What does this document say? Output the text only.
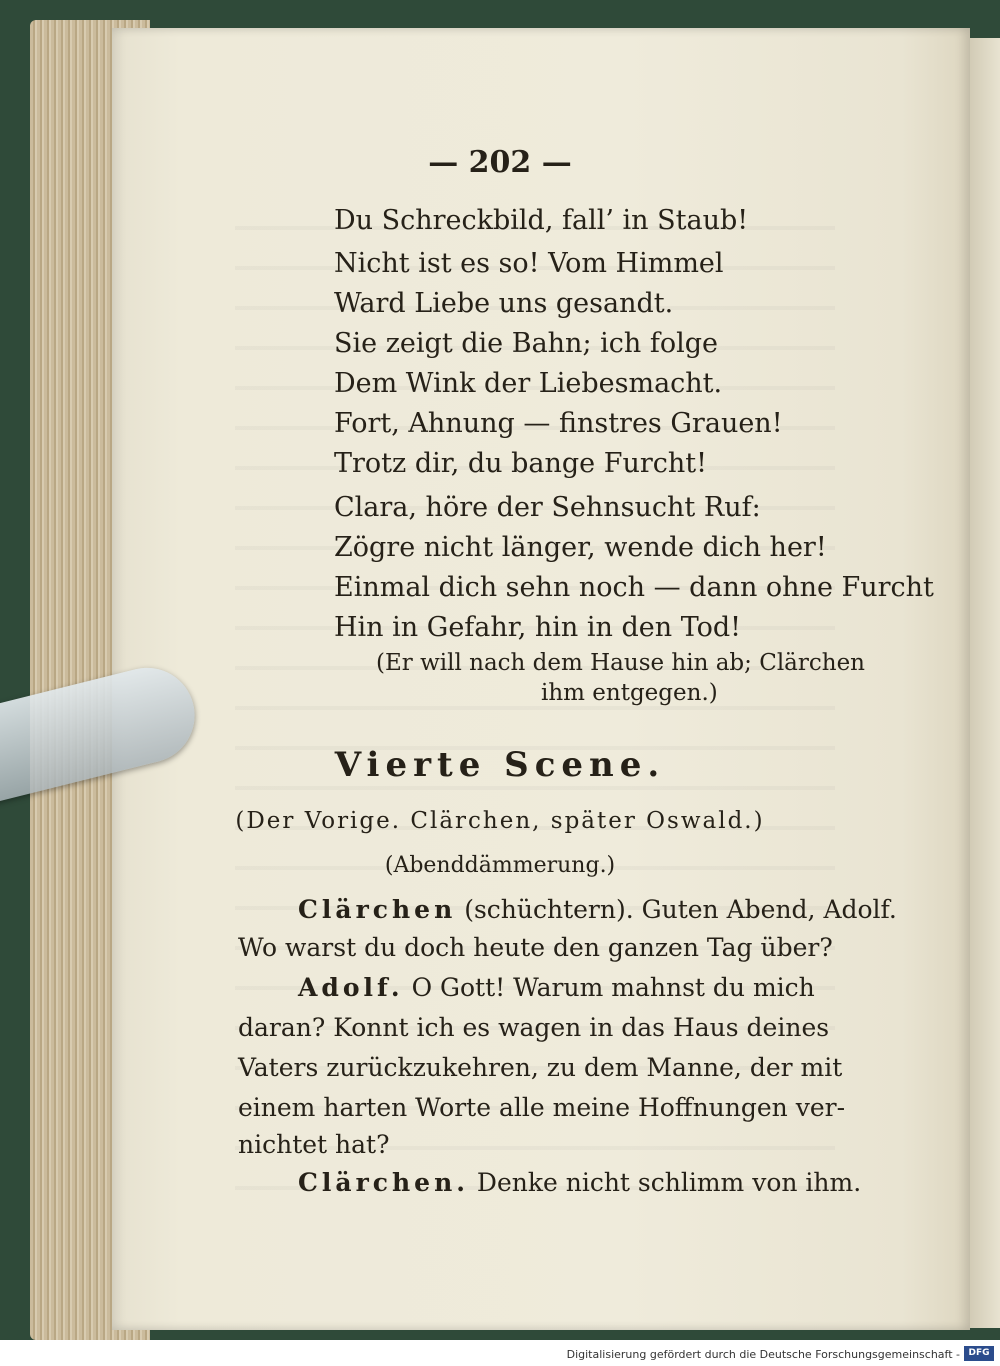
— 202 —
Du Schreckbild, fall’ in Staub!
Nicht ist es so! Vom Himmel
Ward Liebe uns gesandt.
Sie zeigt die Bahn; ich folge
Dem Wink der Liebesmacht.
Fort, Ahnung — finstres Grauen!
Trotz dir, du bange Furcht!
Clara, höre der Sehnsucht Ruf:
Zögre nicht länger, wende dich her!
Einmal dich sehn noch — dann ohne Furcht
Hin in Gefahr, hin in den Tod!
(Er will nach dem Hause hin ab; Clärchen
ihm entgegen.)
Vierte Scene.
(Der Vorige. Clärchen, später Oswald.)
(Abenddämmerung.)
Clärchen (schüchtern). Guten Abend, Adolf.
Wo warst du doch heute den ganzen Tag über?
Adolf. O Gott! Warum mahnst du mich
daran? Konnt ich es wagen in das Haus deines
Vaters zurückzukehren, zu dem Manne, der mit
einem harten Worte alle meine Hoffnungen ver-
nichtet hat?
Clärchen. Denke nicht schlimm von ihm.
Digitalisierung gefördert durch die Deutsche Forschungsgemeinschaft - DFG
